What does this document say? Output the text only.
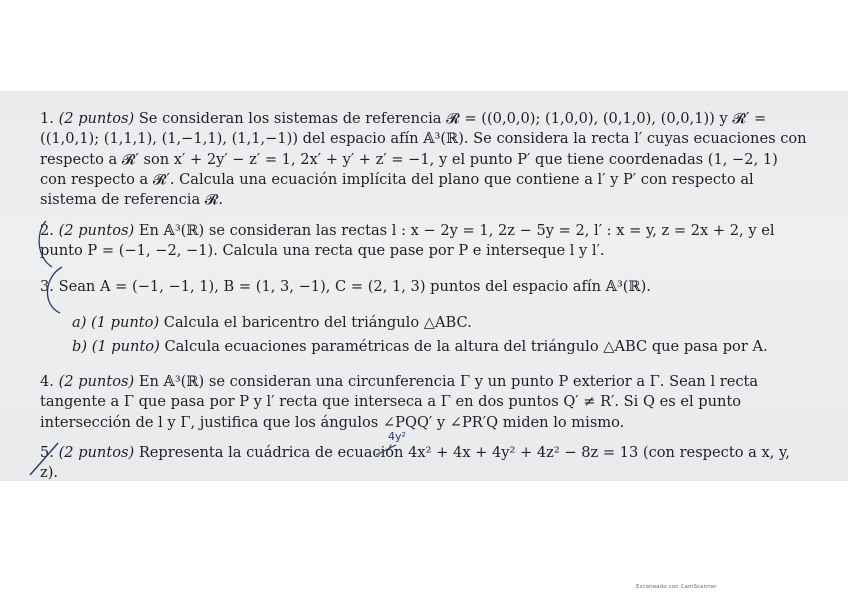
1. (2 puntos) Se consideran los sistemas de referencia 𝓡 = ((0,0,0); (1,0,0), (0,1,0), (0,0,1)) y 𝓡′ = ((1,0,1); (1,1,1), (1,−1,1), (1,1,−1)) del espacio afín 𝔸³(ℝ). Se considera la recta l′ cuyas ecuaciones con respecto a 𝓡′ son x′ + 2y′ − z′ = 1, 2x′ + y′ + z′ = −1, y el punto P′ que tiene coordenadas (1, −2, 1) con respecto a 𝓡′. Calcula una ecuación implícita del plano que contiene a l′ y P′ con respecto al sistema de referencia 𝓡.
2. (2 puntos) En 𝔸³(ℝ) se consideran las rectas l : x − 2y = 1, 2z − 5y = 2, l′ : x = y, z = 2x + 2, y el punto P = (−1, −2, −1). Calcula una recta que pase por P e interseque l y l′.
3. Sean A = (−1, −1, 1), B = (1, 3, −1), C = (2, 1, 3) puntos del espacio afín 𝔸³(ℝ).
a) (1 punto) Calcula el baricentro del triángulo △ABC.
b) (1 punto) Calcula ecuaciones paramétricas de la altura del triángulo △ABC que pasa por A.
4. (2 puntos) En 𝔸³(ℝ) se consideran una circunferencia Γ y un punto P exterior a Γ. Sean l recta tangente a Γ que pasa por P y l′ recta que interseca a Γ en dos puntos Q′ ≠ R′. Si Q es el punto intersección de l y Γ, justifica que los ángulos ∠PQQ′ y ∠PR′Q miden lo mismo.
5. (2 puntos) Representa la cuádrica de ecuación 4x² + 4x + 4y² + 4z² − 8z = 13 (con respecto a x, y, z).
4y²
Escaneado con CamScanner
